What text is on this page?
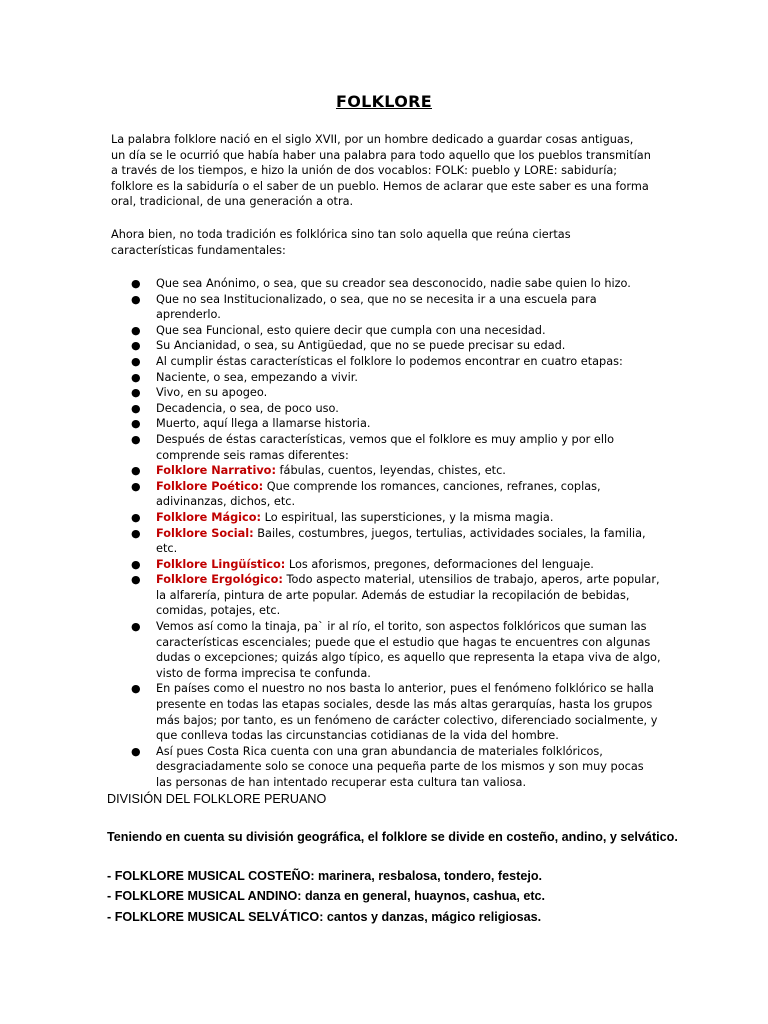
FOLKLORE

La palabra folklore nació en el siglo XVII, por un hombre dedicado a guardar cosas antiguas, un día se le ocurrió que había haber una palabra para todo aquello que los pueblos transmitían a través de los tiempos, e hizo la unión de dos vocablos: FOLK: pueblo y LORE: sabiduría; folklore es la sabiduría o el saber de un pueblo. Hemos de aclarar que este saber es una forma oral, tradicional, de una generación a otra.

Ahora bien, no toda tradición es folklórica sino tan solo aquella que reúna ciertas características fundamentales:

● Que sea Anónimo, o sea, que su creador sea desconocido, nadie sabe quien lo hizo.
● Que no sea Institucionalizado, o sea, que no se necesita ir a una escuela para aprenderlo.
● Que sea Funcional, esto quiere decir que cumpla con una necesidad.
● Su Ancianidad, o sea, su Antigüedad, que no se puede precisar su edad.
● Al cumplir éstas características el folklore lo podemos encontrar en cuatro etapas:
● Naciente, o sea, empezando a vivir.
● Vivo, en su apogeo.
● Decadencia, o sea, de poco uso.
● Muerto, aquí llega a llamarse historia.
● Después de éstas características, vemos que el folklore es muy amplio y por ello comprende seis ramas diferentes:
● Folklore Narrativo: fábulas, cuentos, leyendas, chistes, etc.
● Folklore Poético: Que comprende los romances, canciones, refranes, coplas, adivinanzas, dichos, etc.
● Folklore Mágico: Lo espiritual, las supersticiones, y la misma magia.
● Folklore Social: Bailes, costumbres, juegos, tertulias, actividades sociales, la familia, etc.
● Folklore Lingüístico: Los aforismos, pregones, deformaciones del lenguaje.
● Folklore Ergológico: Todo aspecto material, utensilios de trabajo, aperos, arte popular, la alfarería, pintura de arte popular. Además de estudiar la recopilación de bebidas, comidas, potajes, etc.
● Vemos así como la tinaja, pa` ir al río, el torito, son aspectos folklóricos que suman las características escenciales; puede que el estudio que hagas te encuentres con algunas dudas o excepciones; quizás algo típico, es aquello que representa la etapa viva de algo, visto de forma imprecisa te confunda.
● En países como el nuestro no nos basta lo anterior, pues el fenómeno folklórico se halla presente en todas las etapas sociales, desde las más altas gerarquías, hasta los grupos más bajos; por tanto, es un fenómeno de carácter colectivo, diferenciado socialmente, y que conlleva todas las circunstancias cotidianas de la vida del hombre.
● Así pues Costa Rica cuenta con una gran abundancia de materiales folklóricos, desgraciadamente solo se conoce una pequeña parte de los mismos y son muy pocas las personas de han intentado recuperar esta cultura tan valiosa.

DIVISIÓN DEL FOLKLORE PERUANO

Teniendo en cuenta su división geográfica, el folklore se divide en costeño, andino, y selvático.

- FOLKLORE MUSICAL COSTEÑO: marinera, resbalosa, tondero, festejo.

- FOLKLORE MUSICAL ANDINO: danza en general, huaynos, cashua, etc.

- FOLKLORE MUSICAL SELVÁTICO: cantos y danzas, mágico religiosas.
